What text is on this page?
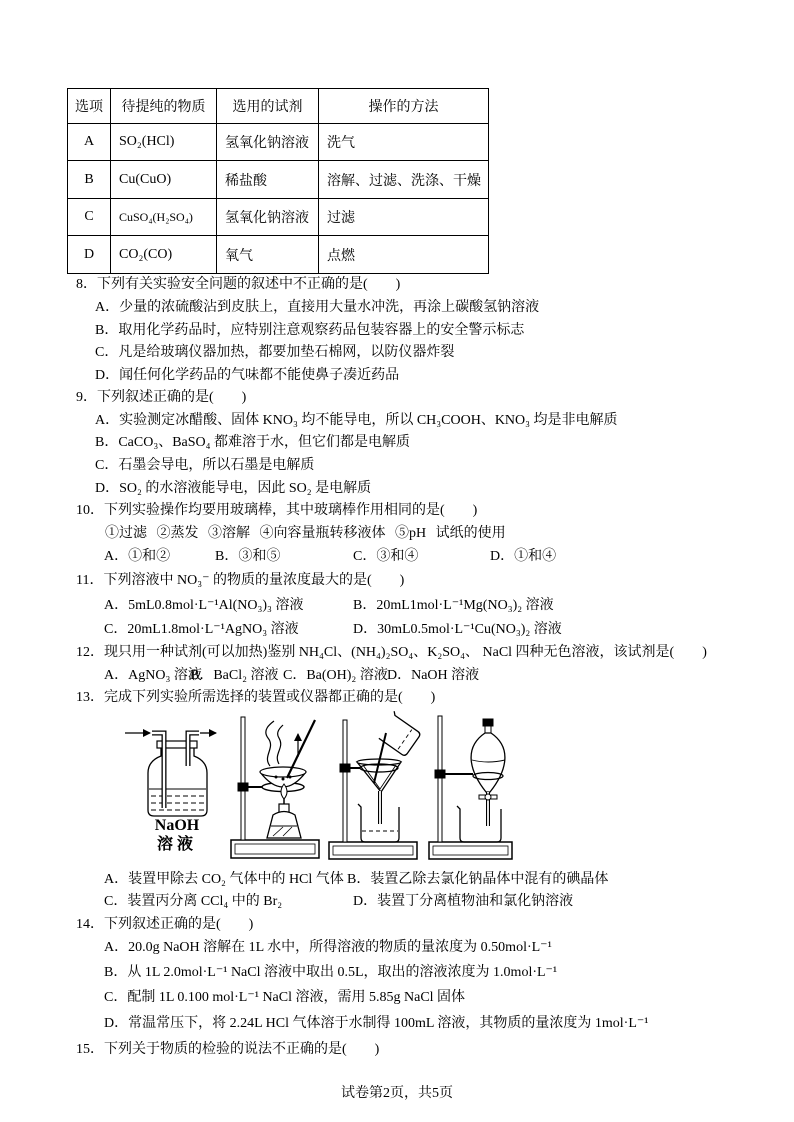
选项	待提纯的物质	选用的试剂	操作的方法
A	SO₂(HCl)	氢氧化钠溶液	洗气
B	Cu(CuO)	稀盐酸	溶解、过滤、洗涤、干燥
C	CuSO₄(H₂SO₄)	氢氧化钠溶液	过滤
D	CO₂(CO)	氧气	点燃
8．下列有关实验安全问题的叙述中不正确的是(　　)
A．少量的浓硫酸沾到皮肤上，直接用大量水冲洗，再涂上碳酸氢钠溶液
B．取用化学药品时，应特别注意观察药品包装容器上的安全警示标志
C．凡是给玻璃仪器加热，都要加垫石棉网，以防仪器炸裂
D．闻任何化学药品的气味都不能使鼻子凑近药品
9．下列叙述正确的是(　　)
A．实验测定冰醋酸、固体 KNO₃ 均不能导电，所以 CH₃COOH、KNO₃ 均是非电解质
B．CaCO₃、BaSO₄ 都难溶于水，但它们都是电解质
C．石墨会导电，所以石墨是电解质
D．SO₂ 的水溶液能导电，因此 SO₂ 是电解质
10．下列实验操作均要用玻璃棒，其中玻璃棒作用相同的是(　　)
①过滤 ②蒸发 ③溶解 ④向容量瓶转移液体 ⑤pH 试纸的使用
A．①和②	B．③和⑤	C．③和④	D．①和④
11．下列溶液中 NO₃⁻ 的物质的量浓度最大的是(　　)
A．5mL0.8mol·L⁻¹Al(NO₃)₃ 溶液	B．20mL1mol·L⁻¹Mg(NO₃)₂ 溶液
C．20mL1.8mol·L⁻¹AgNO₃ 溶液	D．30mL0.5mol·L⁻¹Cu(NO₃)₂ 溶液
12．现只用一种试剂(可以加热)鉴别 NH₄Cl、(NH₄)₂SO₄、K₂SO₄、 NaCl 四种无色溶液，该试剂是(　　)
A．AgNO₃ 溶液
B．BaCl₂ 溶液 C．Ba(OH)₂ 溶液 D．NaOH 溶液
13．完成下列实验所需选择的装置或仪器都正确的是(　　)
NaOH
溶液
A．装置甲除去 CO₂ 气体中的 HCl 气体 B．装置乙除去氯化钠晶体中混有的碘晶体
C．装置丙分离 CCl₄ 中的 Br₂	D．装置丁分离植物油和氯化钠溶液
14．下列叙述正确的是(　　)
A．20.0g NaOH 溶解在 1L 水中，所得溶液的物质的量浓度为 0.50mol·L⁻¹
B．从 1L 2.0mol·L⁻¹ NaCl 溶液中取出 0.5L，取出的溶液浓度为 1.0mol·L⁻¹
C．配制 1L 0.100 mol·L⁻¹ NaCl 溶液，需用 5.85g NaCl 固体
D．常温常压下，将 2.24L HCl 气体溶于水制得 100mL 溶液，其物质的量浓度为 1mol·L⁻¹
15．下列关于物质的检验的说法不正确的是(　　)
试卷第2页，共5页
